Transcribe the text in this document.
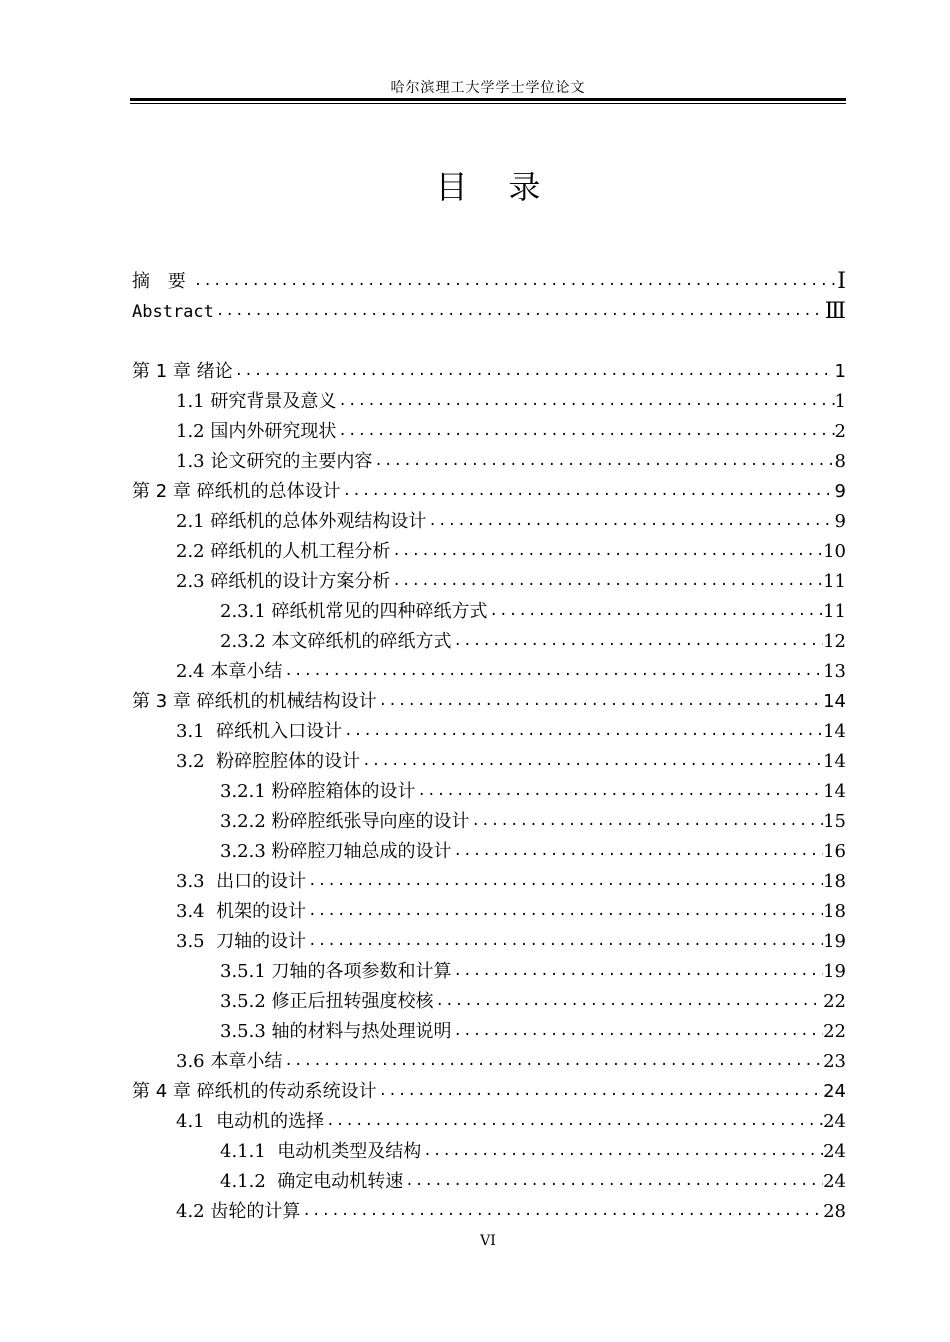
哈尔滨理工大学学士学位论文
目    录
摘 要 .....	Ⅰ
Abstract .....	Ⅲ
第 1 章 绪论 .....	1
1.1 研究背景及意义 .....	1
1.2 国内外研究现状 .....	2
1.3 论文研究的主要内容 .....	8
第 2 章 碎纸机的总体设计 .....	9
2.1 碎纸机的总体外观结构设计 .....	9
2.2 碎纸机的人机工程分析 .....	10
2.3 碎纸机的设计方案分析 .....	11
2.3.1 碎纸机常见的四种碎纸方式 .....	11
2.3.2 本文碎纸机的碎纸方式 .....	12
2.4 本章小结 .....	13
第 3 章 碎纸机的机械结构设计 .....	14
3.1  碎纸机入口设计 .....	14
3.2  粉碎腔腔体的设计 .....	14
3.2.1 粉碎腔箱体的设计 .....	14
3.2.2 粉碎腔纸张导向座的设计 .....	15
3.2.3 粉碎腔刀轴总成的设计 .....	16
3.3  出口的设计 .....	18
3.4  机架的设计 .....	18
3.5  刀轴的设计 .....	19
3.5.1 刀轴的各项参数和计算 .....	19
3.5.2 修正后扭转强度校核 .....	22
3.5.3 轴的材料与热处理说明 .....	22
3.6 本章小结 .....	23
第 4 章 碎纸机的传动系统设计 .....	24
4.1  电动机的选择 .....	24
4.1.1  电动机类型及结构 .....	24
4.1.2  确定电动机转速 .....	24
4.2 齿轮的计算 .....	28
VI
